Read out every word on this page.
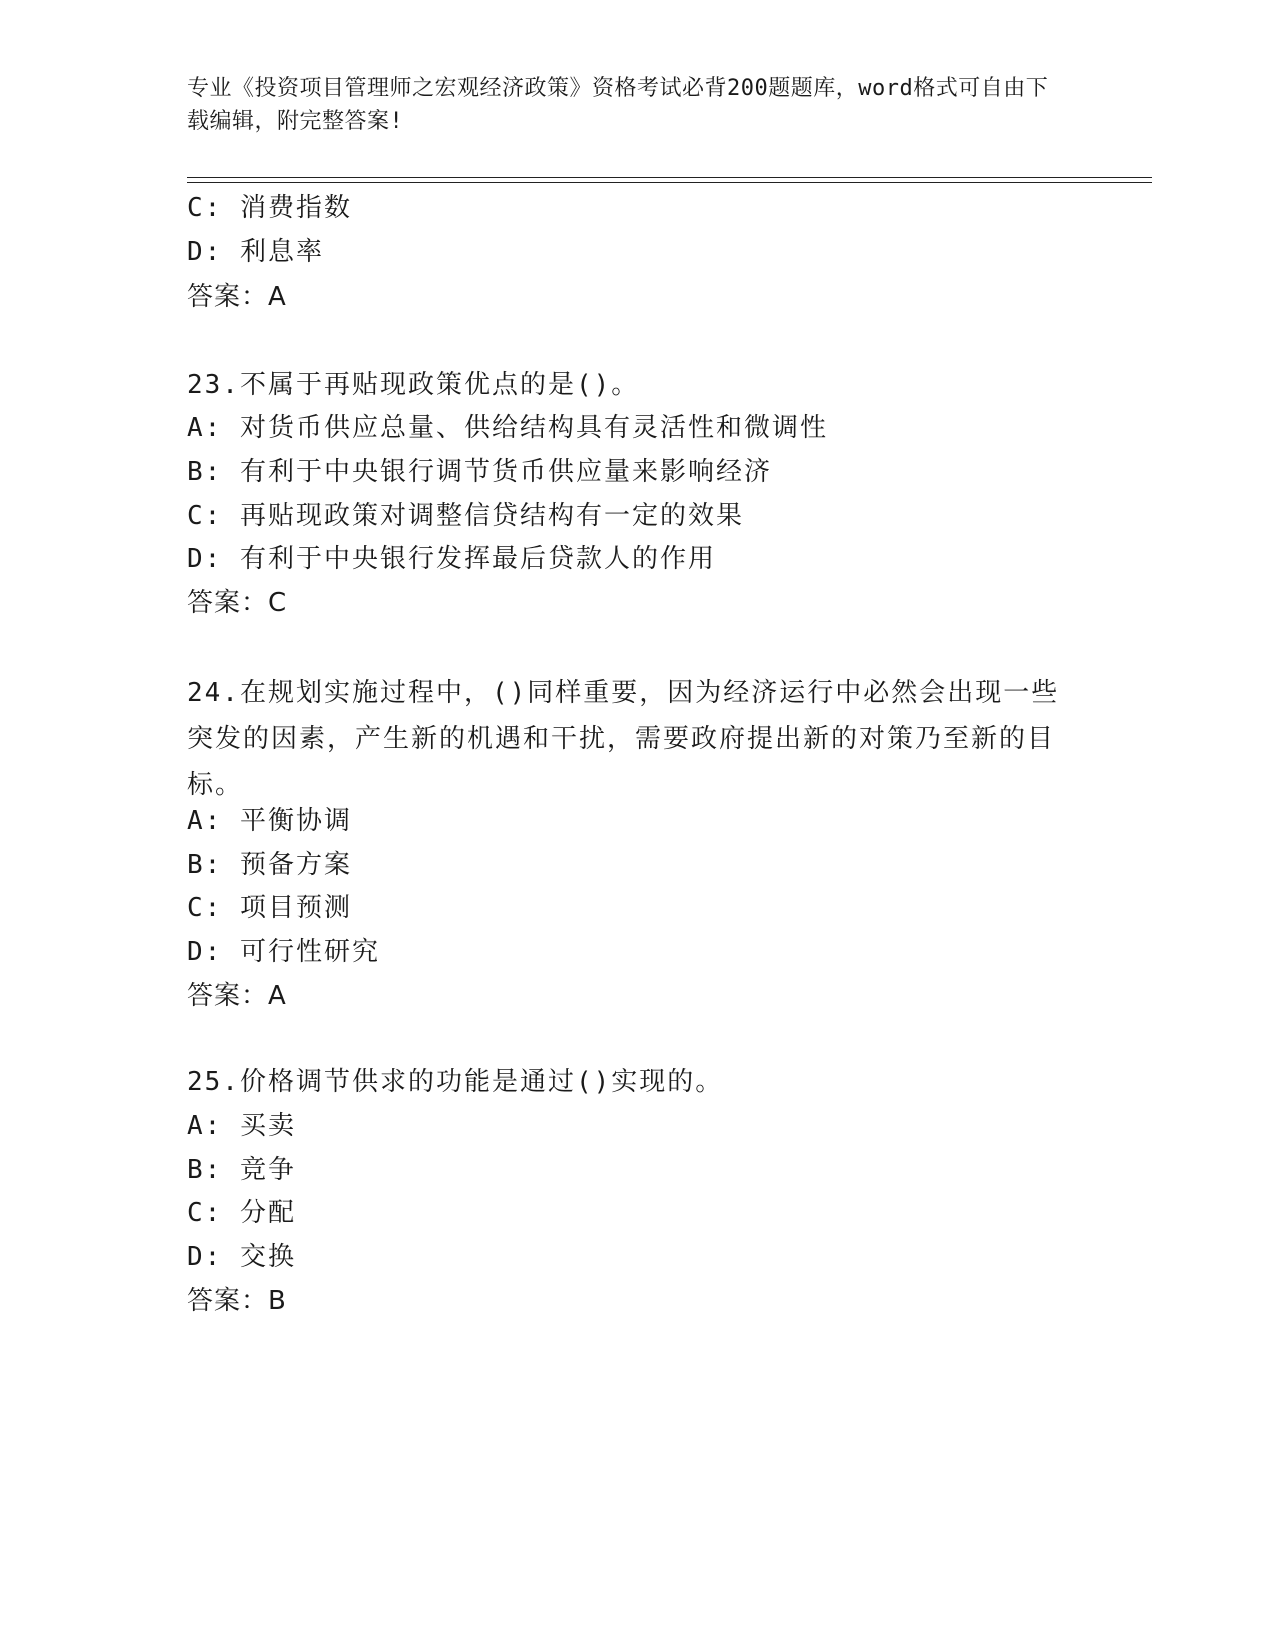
专业《投资项目管理师之宏观经济政策》资格考试必背200题题库，word格式可自由下载编辑，附完整答案!
C: 消费指数
D: 利息率
答案：A
23.不属于再贴现政策优点的是()。
A: 对货币供应总量、供给结构具有灵活性和微调性
B: 有利于中央银行调节货币供应量来影响经济
C: 再贴现政策对调整信贷结构有一定的效果
D: 有利于中央银行发挥最后贷款人的作用
答案：C
24.在规划实施过程中，()同样重要，因为经济运行中必然会出现一些突发的因素，产生新的机遇和干扰，需要政府提出新的对策乃至新的目标。
A: 平衡协调
B: 预备方案
C: 项目预测
D: 可行性研究
答案：A
25.价格调节供求的功能是通过()实现的。
A: 买卖
B: 竞争
C: 分配
D: 交换
答案：B
